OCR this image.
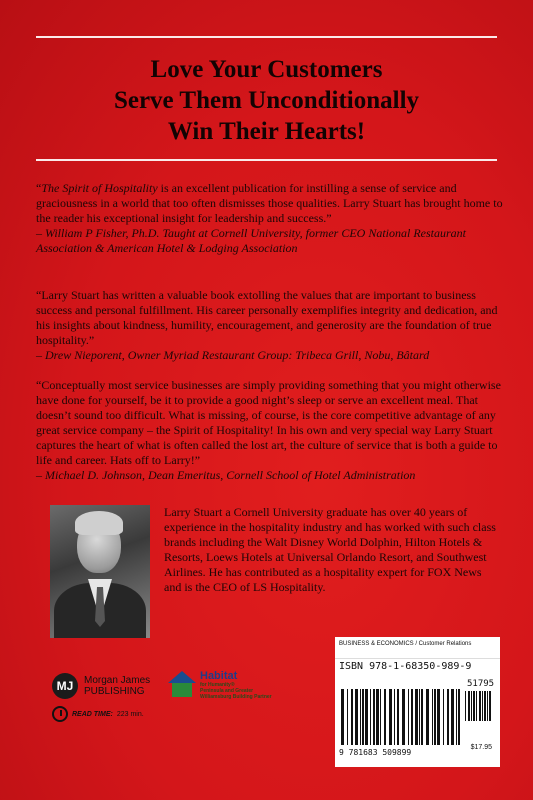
Love Your Customers
Serve Them Unconditionally
Win Their Hearts!
“The Spirit of Hospitality is an excellent publication for instilling a sense of service and graciousness in a world that too often dismisses those qualities. Larry Stuart has brought home to the reader his exceptional insight for leadership and success.”
– William P Fisher, Ph.D. Taught at Cornell University, former CEO National Restaurant Association & American Hotel & Lodging Association
“Larry Stuart has written a valuable book extolling the values that are important to business success and personal fulfillment. His career personally exemplifies integrity and dedication, and his insights about kindness, humility, encouragement, and generosity are the foundation of true hospitality.”
– Drew Nieporent, Owner Myriad Restaurant Group: Tribeca Grill, Nobu, Bâtard
“Conceptually most service businesses are simply providing something that you might otherwise have done for yourself, be it to provide a good night’s sleep or serve an excellent meal. That doesn’t sound too difficult. What is missing, of course, is the core competitive advantage of any great service company – the Spirit of Hospitality! In his own and very special way Larry Stuart captures the heart of what is often called the lost art, the culture of service that is both a guide to life and career. Hats off to Larry!”
– Michael D. Johnson, Dean Emeritus, Cornell School of Hotel Administration
Larry Stuart a Cornell University graduate has over 40 years of experience in the hospitality industry and has worked with such class brands including the Walt Disney World Dolphin, Hilton Hotels & Resorts, Loews Hotels at Universal Orlando Resort, and Southwest Airlines. He has contributed as a hospitality expert for FOX News and is the CEO of LS Hospitality.
MJ	Morgan James
PUBLISHING
Habitat
for Humanity®
Peninsula and Greater
Williamsburg Building Partner
READ TIME: 223 min.
BUSINESS & ECONOMICS / Customer Relations
ISBN 978-1-68350-989-9
51795
9 781683 509899
$17.95
